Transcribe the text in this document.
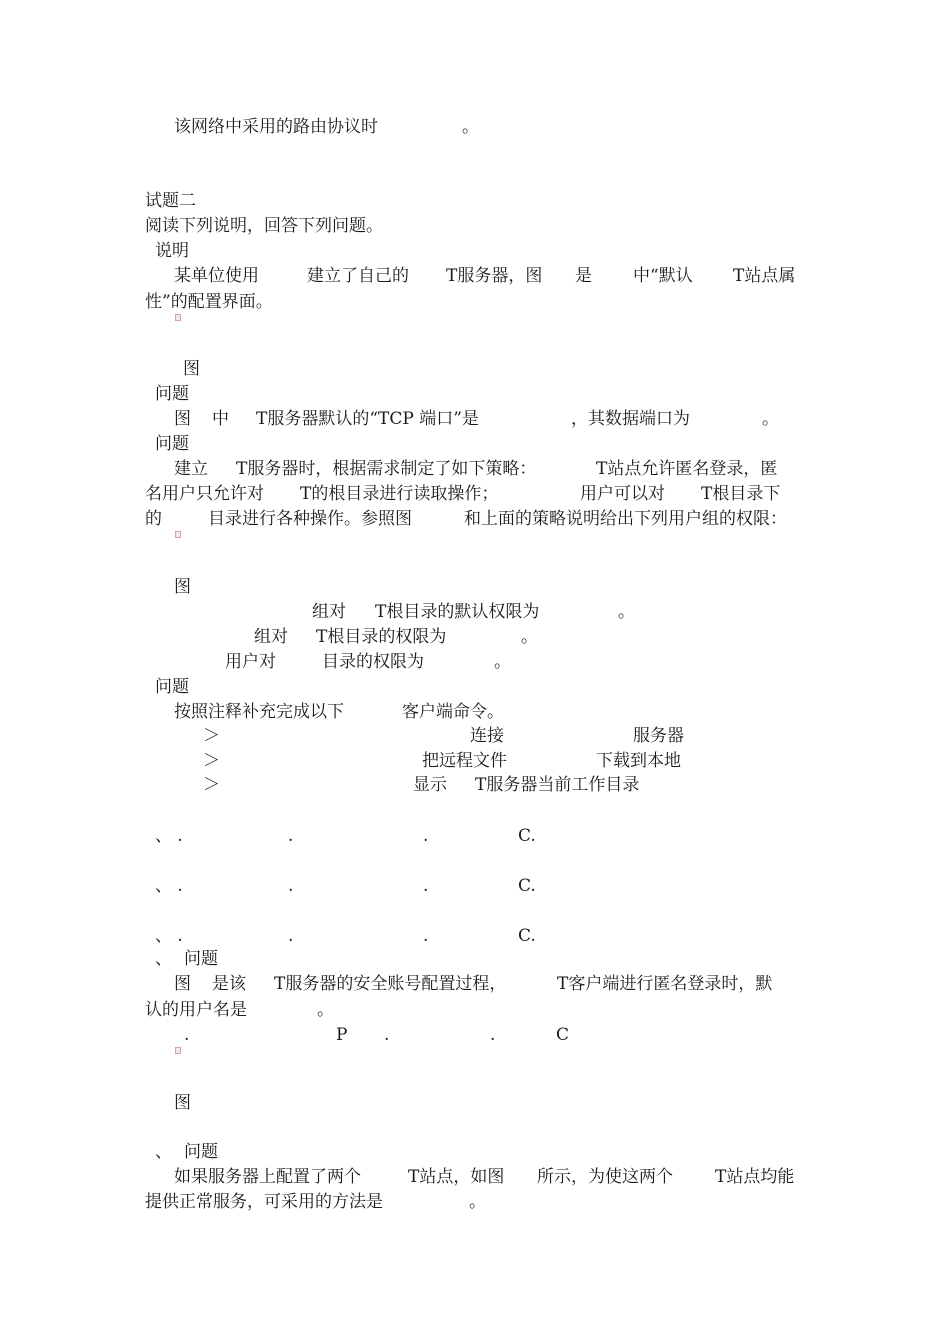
该网络中采用的路由协议时	。
试题二
阅读下列说明，回答下列问题。
说明
某单位使用	建立了自己的 T服务器，图 是 中“默认 T站点属
性”的配置界面。
图
问题
图 中 T服务器默认的“TCP 端口”是	，其数据端口为	。
问题
建立 T服务器时，根据需求制定了如下策略：	T站点允许匿名登录，匿
名用户只允许对 T的根目录进行读取操作；	用户可以对 T根目录下
的	目录进行各种操作。参照图	和上面的策略说明给出下列用户组的权限：
图
组对 T根目录的默认权限为	。
组对 T根目录的权限为	。
用户对	目录的权限为	。
问题
按照注释补充完成以下	客户端命令。
＞	连接	服务器
＞	把远程文件	下载到本地
＞	显示 T服务器当前工作目录
、 .	.	.	C.
、 .	.	.	C.
、 .	.	.	C.
、 问题
图 是该 T服务器的安全账号配置过程，	T客户端进行匿名登录时，默
认的用户名是	。
.	P .	.	C
图
、 问题
如果服务器上配置了两个	T站点，如图 所示，为使这两个 T站点均能
提供正常服务，可采用的方法是	。
